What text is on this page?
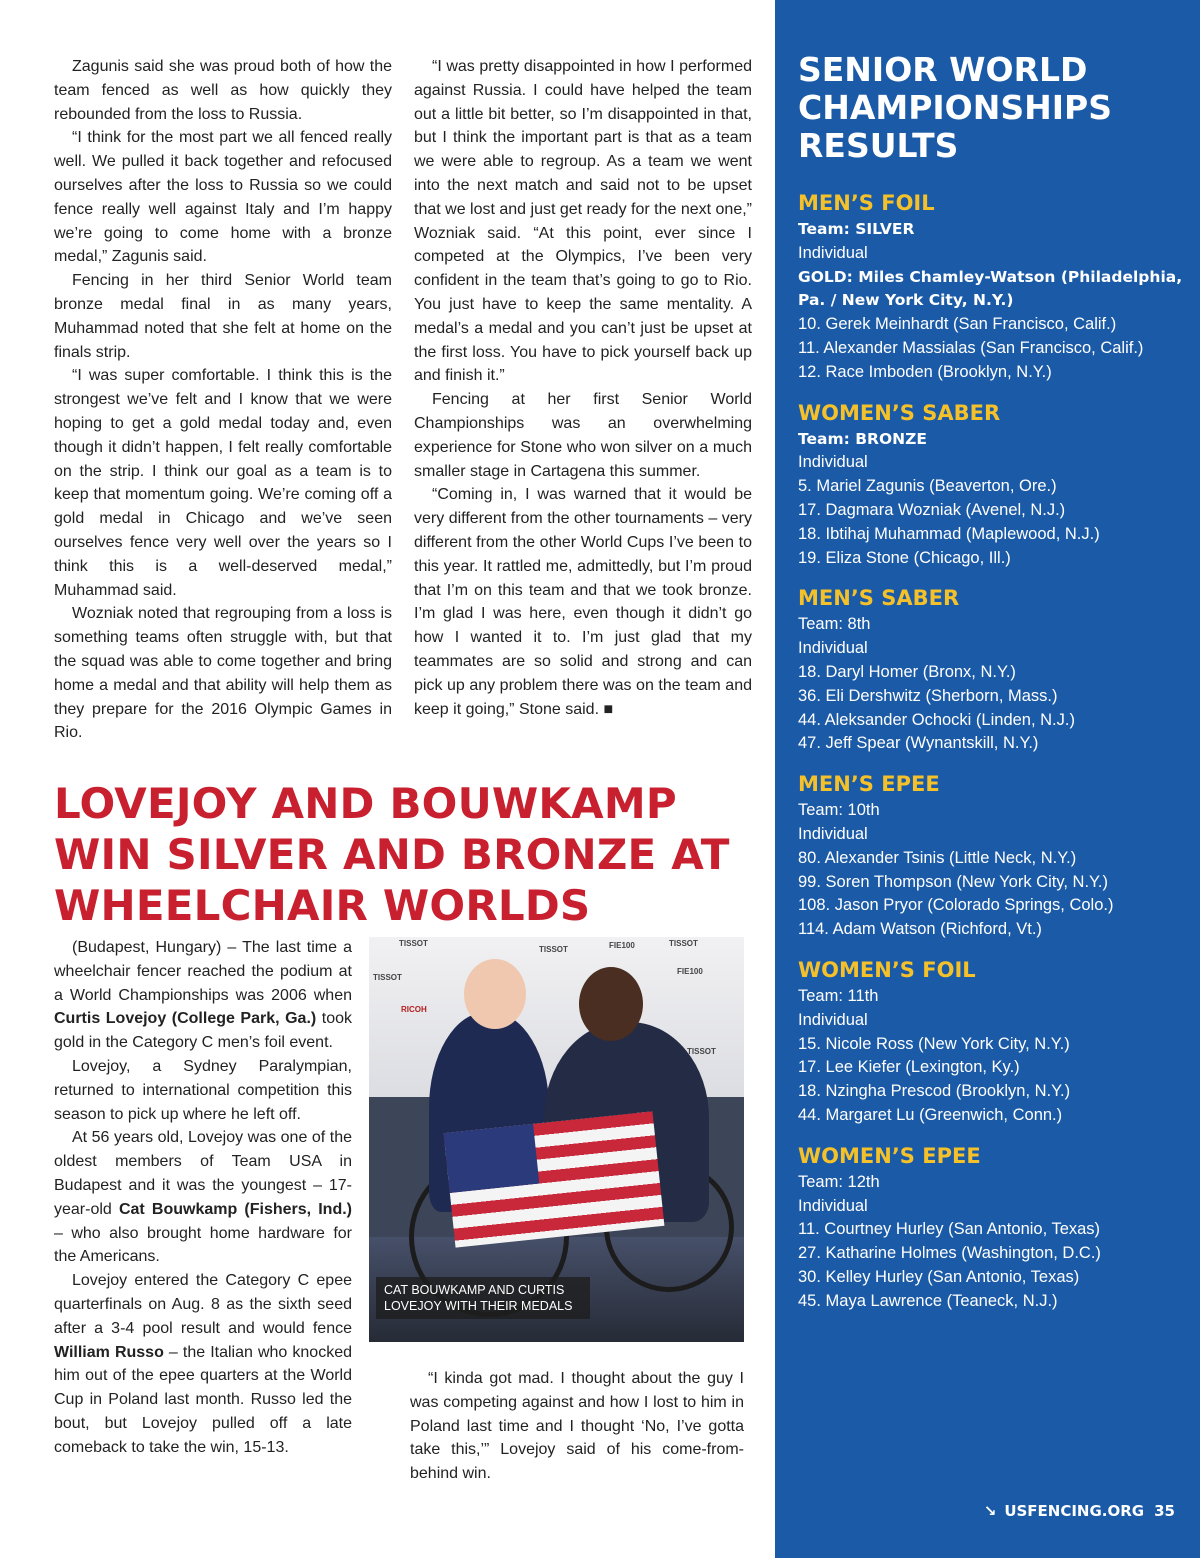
Zagunis said she was proud both of how the team fenced as well as how quickly they rebounded from the loss to Russia.

“I think for the most part we all fenced really well. We pulled it back together and refocused ourselves after the loss to Russia so we could fence really well against Italy and I’m happy we’re going to come home with a bronze medal,” Zagunis said.

Fencing in her third Senior World team bronze medal final in as many years, Muhammad noted that she felt at home on the finals strip.

“I was super comfortable. I think this is the strongest we’ve felt and I know that we were hoping to get a gold medal today and, even though it didn’t happen, I felt really comfortable on the strip. I think our goal as a team is to keep that momentum going. We’re coming off a gold medal in Chicago and we’ve seen ourselves fence very well over the years so I think this is a well-deserved medal,” Muhammad said.

Wozniak noted that regrouping from a loss is something teams often struggle with, but that the squad was able to come together and bring home a medal and that ability will help them as they prepare for the 2016 Olympic Games in Rio.

“I was pretty disappointed in how I performed against Russia. I could have helped the team out a little bit better, so I’m disappointed in that, but I think the important part is that as a team we were able to regroup. As a team we went into the next match and said not to be upset that we lost and just get ready for the next one,” Wozniak said. “At this point, ever since I competed at the Olympics, I’ve been very confident in the team that’s going to go to Rio. You just have to keep the same mentality. A medal’s a medal and you can’t just be upset at the first loss. You have to pick yourself back up and finish it.”

Fencing at her first Senior World Championships was an overwhelming experience for Stone who won silver on a much smaller stage in Cartagena this summer.

“Coming in, I was warned that it would be very different from the other tournaments – very different from the other World Cups I’ve been to this year. It rattled me, admittedly, but I’m proud that I’m on this team and that we took bronze. I’m glad I was here, even though it didn’t go how I wanted it to. I’m just glad that my teammates are so solid and strong and can pick up any problem there was on the team and keep it going,” Stone said. ■

LOVEJOY AND BOUWKAMP WIN SILVER AND BRONZE AT WHEELCHAIR WORLDS

(Budapest, Hungary) – The last time a wheelchair fencer reached the podium at a World Championships was 2006 when Curtis Lovejoy (College Park, Ga.) took gold in the Category C men’s foil event.

Lovejoy, a Sydney Paralympian, returned to international competition this season to pick up where he left off.

At 56 years old, Lovejoy was one of the oldest members of Team USA in Budapest and it was the youngest – 17-year-old Cat Bouwkamp (Fishers, Ind.) – who also brought home hardware for the Americans.

Lovejoy entered the Category C epee quarterfinals on Aug. 8 as the sixth seed after a 3-4 pool result and would fence William Russo – the Italian who knocked him out of the epee quarters at the World Cup in Poland last month. Russo led the bout, but Lovejoy pulled off a late comeback to take the win, 15-13.

TISSOT
TISSOT	FIE100	TISSOT
RICOH
TISSOT
FIE100
TISSOT
CAT BOUWKAMP AND CURTIS LOVEJOY WITH THEIR MEDALS

“I kinda got mad. I thought about the guy I was competing against and how I lost to him in Poland last time and I thought ‘No, I’ve gotta take this,’” Lovejoy said of his come-from-behind win.

SENIOR WORLD CHAMPIONSHIPS RESULTS
MEN’S FOIL
Team: SILVER
Individual
GOLD: Miles Chamley-Watson (Philadelphia, Pa. / New York City, N.Y.)
10. Gerek Meinhardt (San Francisco, Calif.)
11. Alexander Massialas (San Francisco, Calif.)
12. Race Imboden (Brooklyn, N.Y.)
WOMEN’S SABER
Team: BRONZE
Individual
5. Mariel Zagunis (Beaverton, Ore.)
17. Dagmara Wozniak (Avenel, N.J.)
18. Ibtihaj Muhammad (Maplewood, N.J.)
19. Eliza Stone (Chicago, Ill.)
MEN’S SABER
Team: 8th
Individual
18. Daryl Homer (Bronx, N.Y.)
36. Eli Dershwitz (Sherborn, Mass.)
44. Aleksander Ochocki (Linden, N.J.)
47. Jeff Spear (Wynantskill, N.Y.)
MEN’S EPEE
Team: 10th
Individual
80. Alexander Tsinis (Little Neck, N.Y.)
99. Soren Thompson (New York City, N.Y.)
108. Jason Pryor (Colorado Springs, Colo.)
114. Adam Watson (Richford, Vt.)
WOMEN’S FOIL
Team: 11th
Individual
15. Nicole Ross (New York City, N.Y.)
17. Lee Kiefer (Lexington, Ky.)
18. Nzingha Prescod (Brooklyn, N.Y.)
44. Margaret Lu (Greenwich, Conn.)
WOMEN’S EPEE
Team: 12th
Individual
11. Courtney Hurley (San Antonio, Texas)
27. Katharine Holmes (Washington, D.C.)
30. Kelley Hurley (San Antonio, Texas)
45. Maya Lawrence (Teaneck, N.J.)
↘ USFENCING.ORG 35
